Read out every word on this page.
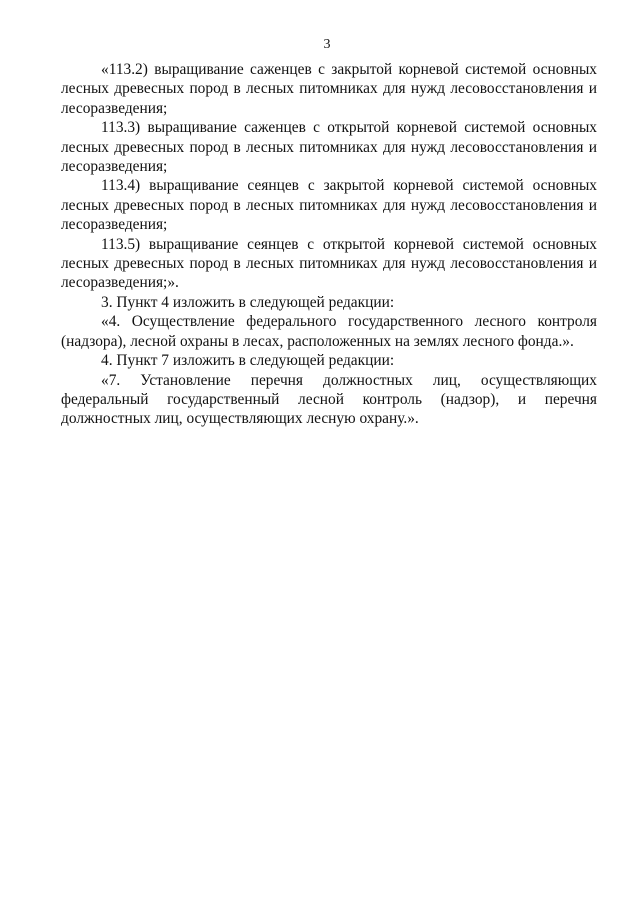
3

«113.2) выращивание саженцев с закрытой корневой системой основных лесных древесных пород в лесных питомниках для нужд лесовосстановления и лесоразведения;

113.3) выращивание саженцев с открытой корневой системой основных лесных древесных пород в лесных питомниках для нужд лесовосстановления и лесоразведения;

113.4) выращивание сеянцев с закрытой корневой системой основных лесных древесных пород в лесных питомниках для нужд лесовосстановления и лесоразведения;

113.5) выращивание сеянцев с открытой корневой системой основных лесных древесных пород в лесных питомниках для нужд лесовосстановления и лесоразведения;».

3. Пункт 4 изложить в следующей редакции:

«4. Осуществление федерального государственного лесного контроля (надзора), лесной охраны в лесах, расположенных на землях лесного фонда.».

4. Пункт 7 изложить в следующей редакции:

«7. Установление перечня должностных лиц, осуществляющих федеральный государственный лесной контроль (надзор), и перечня должностных лиц, осуществляющих лесную охрану.».
